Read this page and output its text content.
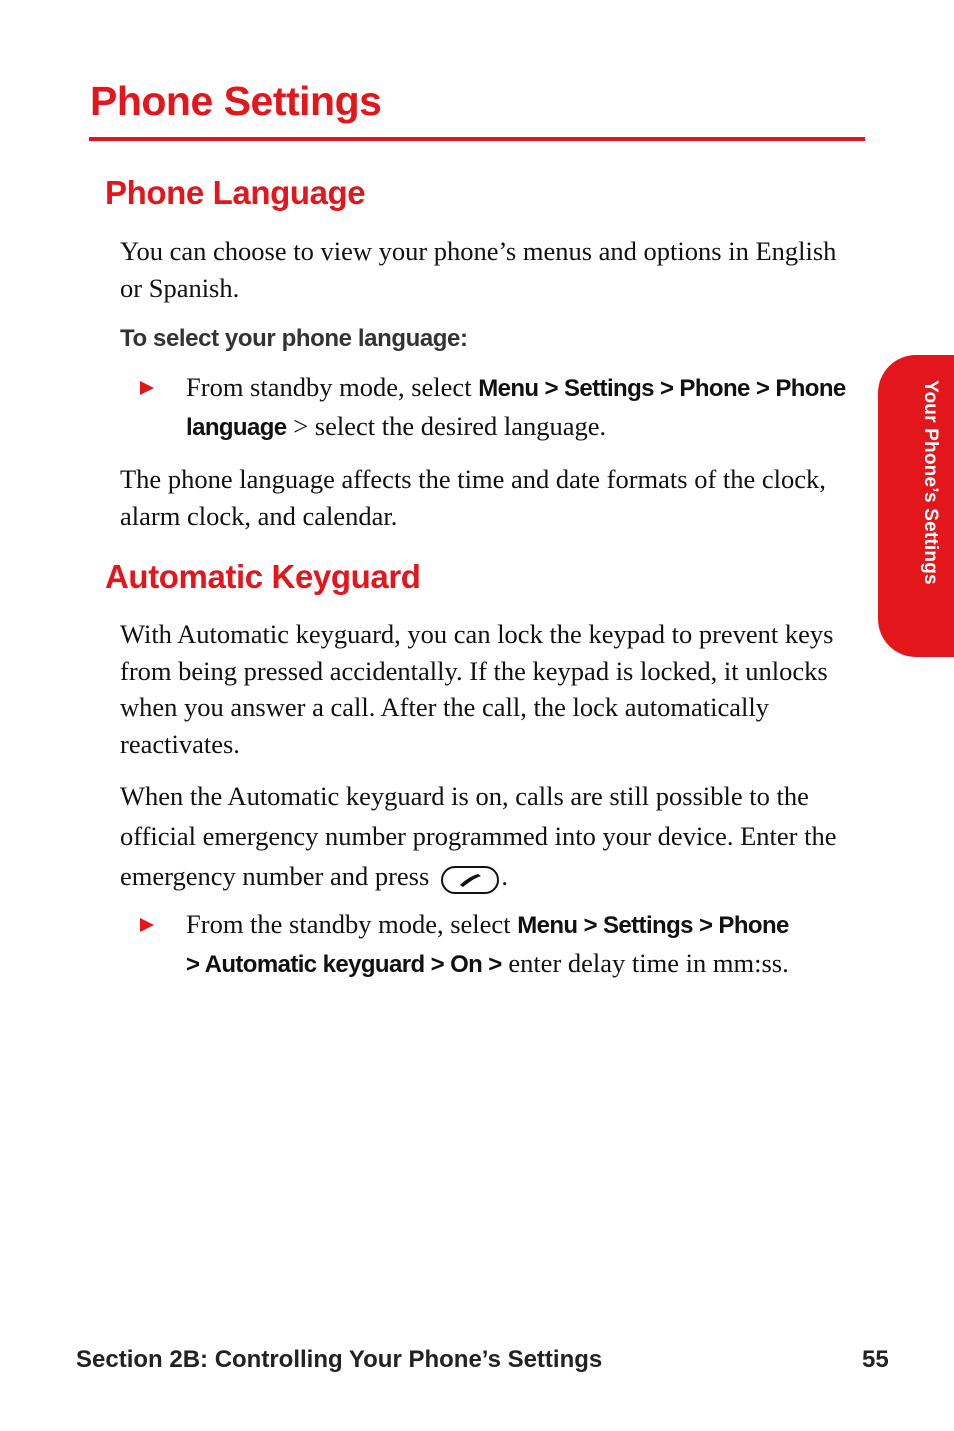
Phone Settings
Your Phone’s Settings
Phone Language

You can choose to view your phone’s menus and options in English or Spanish.

To select your phone language:
From standby mode, select Menu > Settings > Phone > Phone language > select the desired language.

The phone language affects the time and date formats of the clock, alarm clock, and calendar.

Automatic Keyguard

With Automatic keyguard, you can lock the keypad to prevent keys from being pressed accidentally. If the keypad is locked, it unlocks when you answer a call. After the call, the lock automatically reactivates.

When the Automatic keyguard is on, calls are still possible to the official emergency number programmed into your device. Enter the emergency number and press	.

From the standby mode, select Menu > Settings > Phone > Automatic keyguard > On > enter delay time in mm:ss.
Section 2B: Controlling Your Phone’s Settings	55
